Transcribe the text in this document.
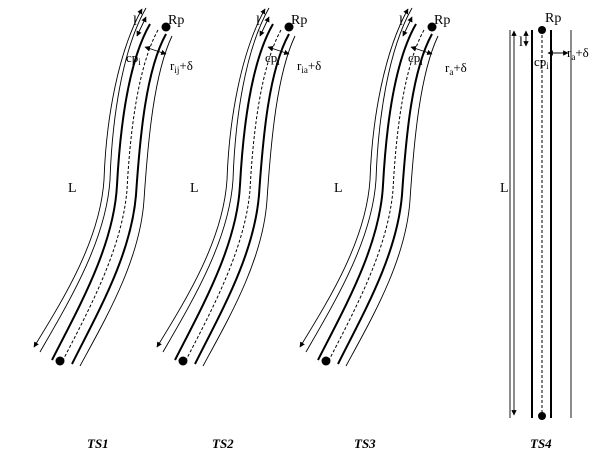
Rp
l
$cp_i$ $r_{ij}+\delta$
L
TS1
Rp
l
$cp_i$ $r_{ia}+\delta$
L
TS2
Rp
l
$cp_i$ $r_a+\delta$
L
TS3
Rp
l
$cp_i$
$r_a+\delta$
L
TS4
